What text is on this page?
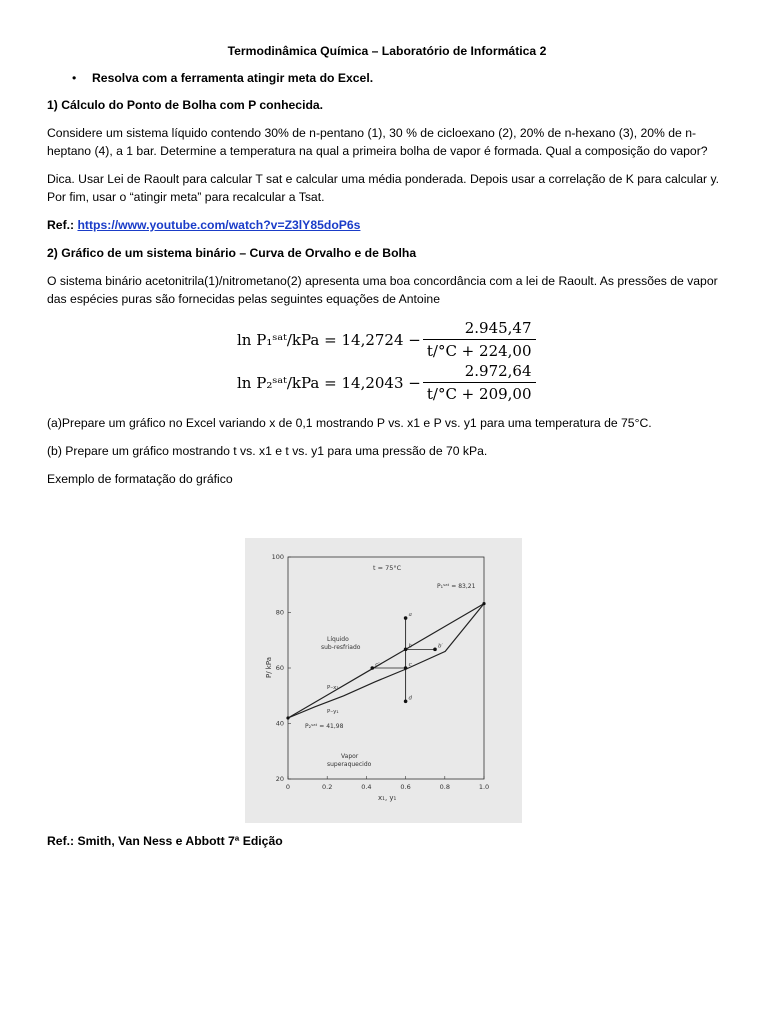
Termodinâmica Química – Laboratório de Informática 2
•	Resolva com a ferramenta atingir meta do Excel.

1) Cálculo do Ponto de Bolha com P conhecida.

Considere um sistema líquido contendo 30% de n-pentano (1), 30 % de cicloexano (2), 20% de n-hexano (3), 20% de n-heptano (4), a 1 bar. Determine a temperatura na qual a primeira bolha de vapor é formada. Qual a composição do vapor?

Dica. Usar Lei de Raoult para calcular T sat e calcular uma média ponderada. Depois usar a correlação de K para calcular y. Por fim, usar o “atingir meta” para recalcular a Tsat.

Ref.: https://www.youtube.com/watch?v=Z3lY85doP6s

2) Gráfico de um sistema binário – Curva de Orvalho e de Bolha

O sistema binário acetonitrila(1)/nitrometano(2) apresenta uma boa concordância com a lei de Raoult. As pressões de vapor das espécies puras são fornecidas pelas seguintes equações de Antoine

ln P₁ˢᵃᵗ/kPa = $14,2724 - \frac{2.945,47}{t/^\circ C + 224,00}$
ln P₂ˢᵃᵗ/kPa = $14,2043 - \frac{2.972,64}{t/^\circ C + 209,00}$

(a)Prepare um gráfico no Excel variando x de 0,1 mostrando P vs. x1 e P vs. y1 para uma temperatura de 75°C.

(b) Prepare um gráfico mostrando t vs. x1 e t vs. y1 para uma pressão de 70 kPa.

Exemplo de formatação do gráfico

0	0.2	0.4	0.6	0.8	1.0
20
40
60
80
100
a
b
c
d
b′
c′
t = 75°C
x₁, y₁
P/ kPa
P₁ˢᵃᵗ = 83,21
P₂ˢᵃᵗ = 41,98
Líquido
sub-resfriado
Vapor
superaquecido
P–x₁
P–y₁
Ref.: Smith, Van Ness e Abbott 7ª Edição
